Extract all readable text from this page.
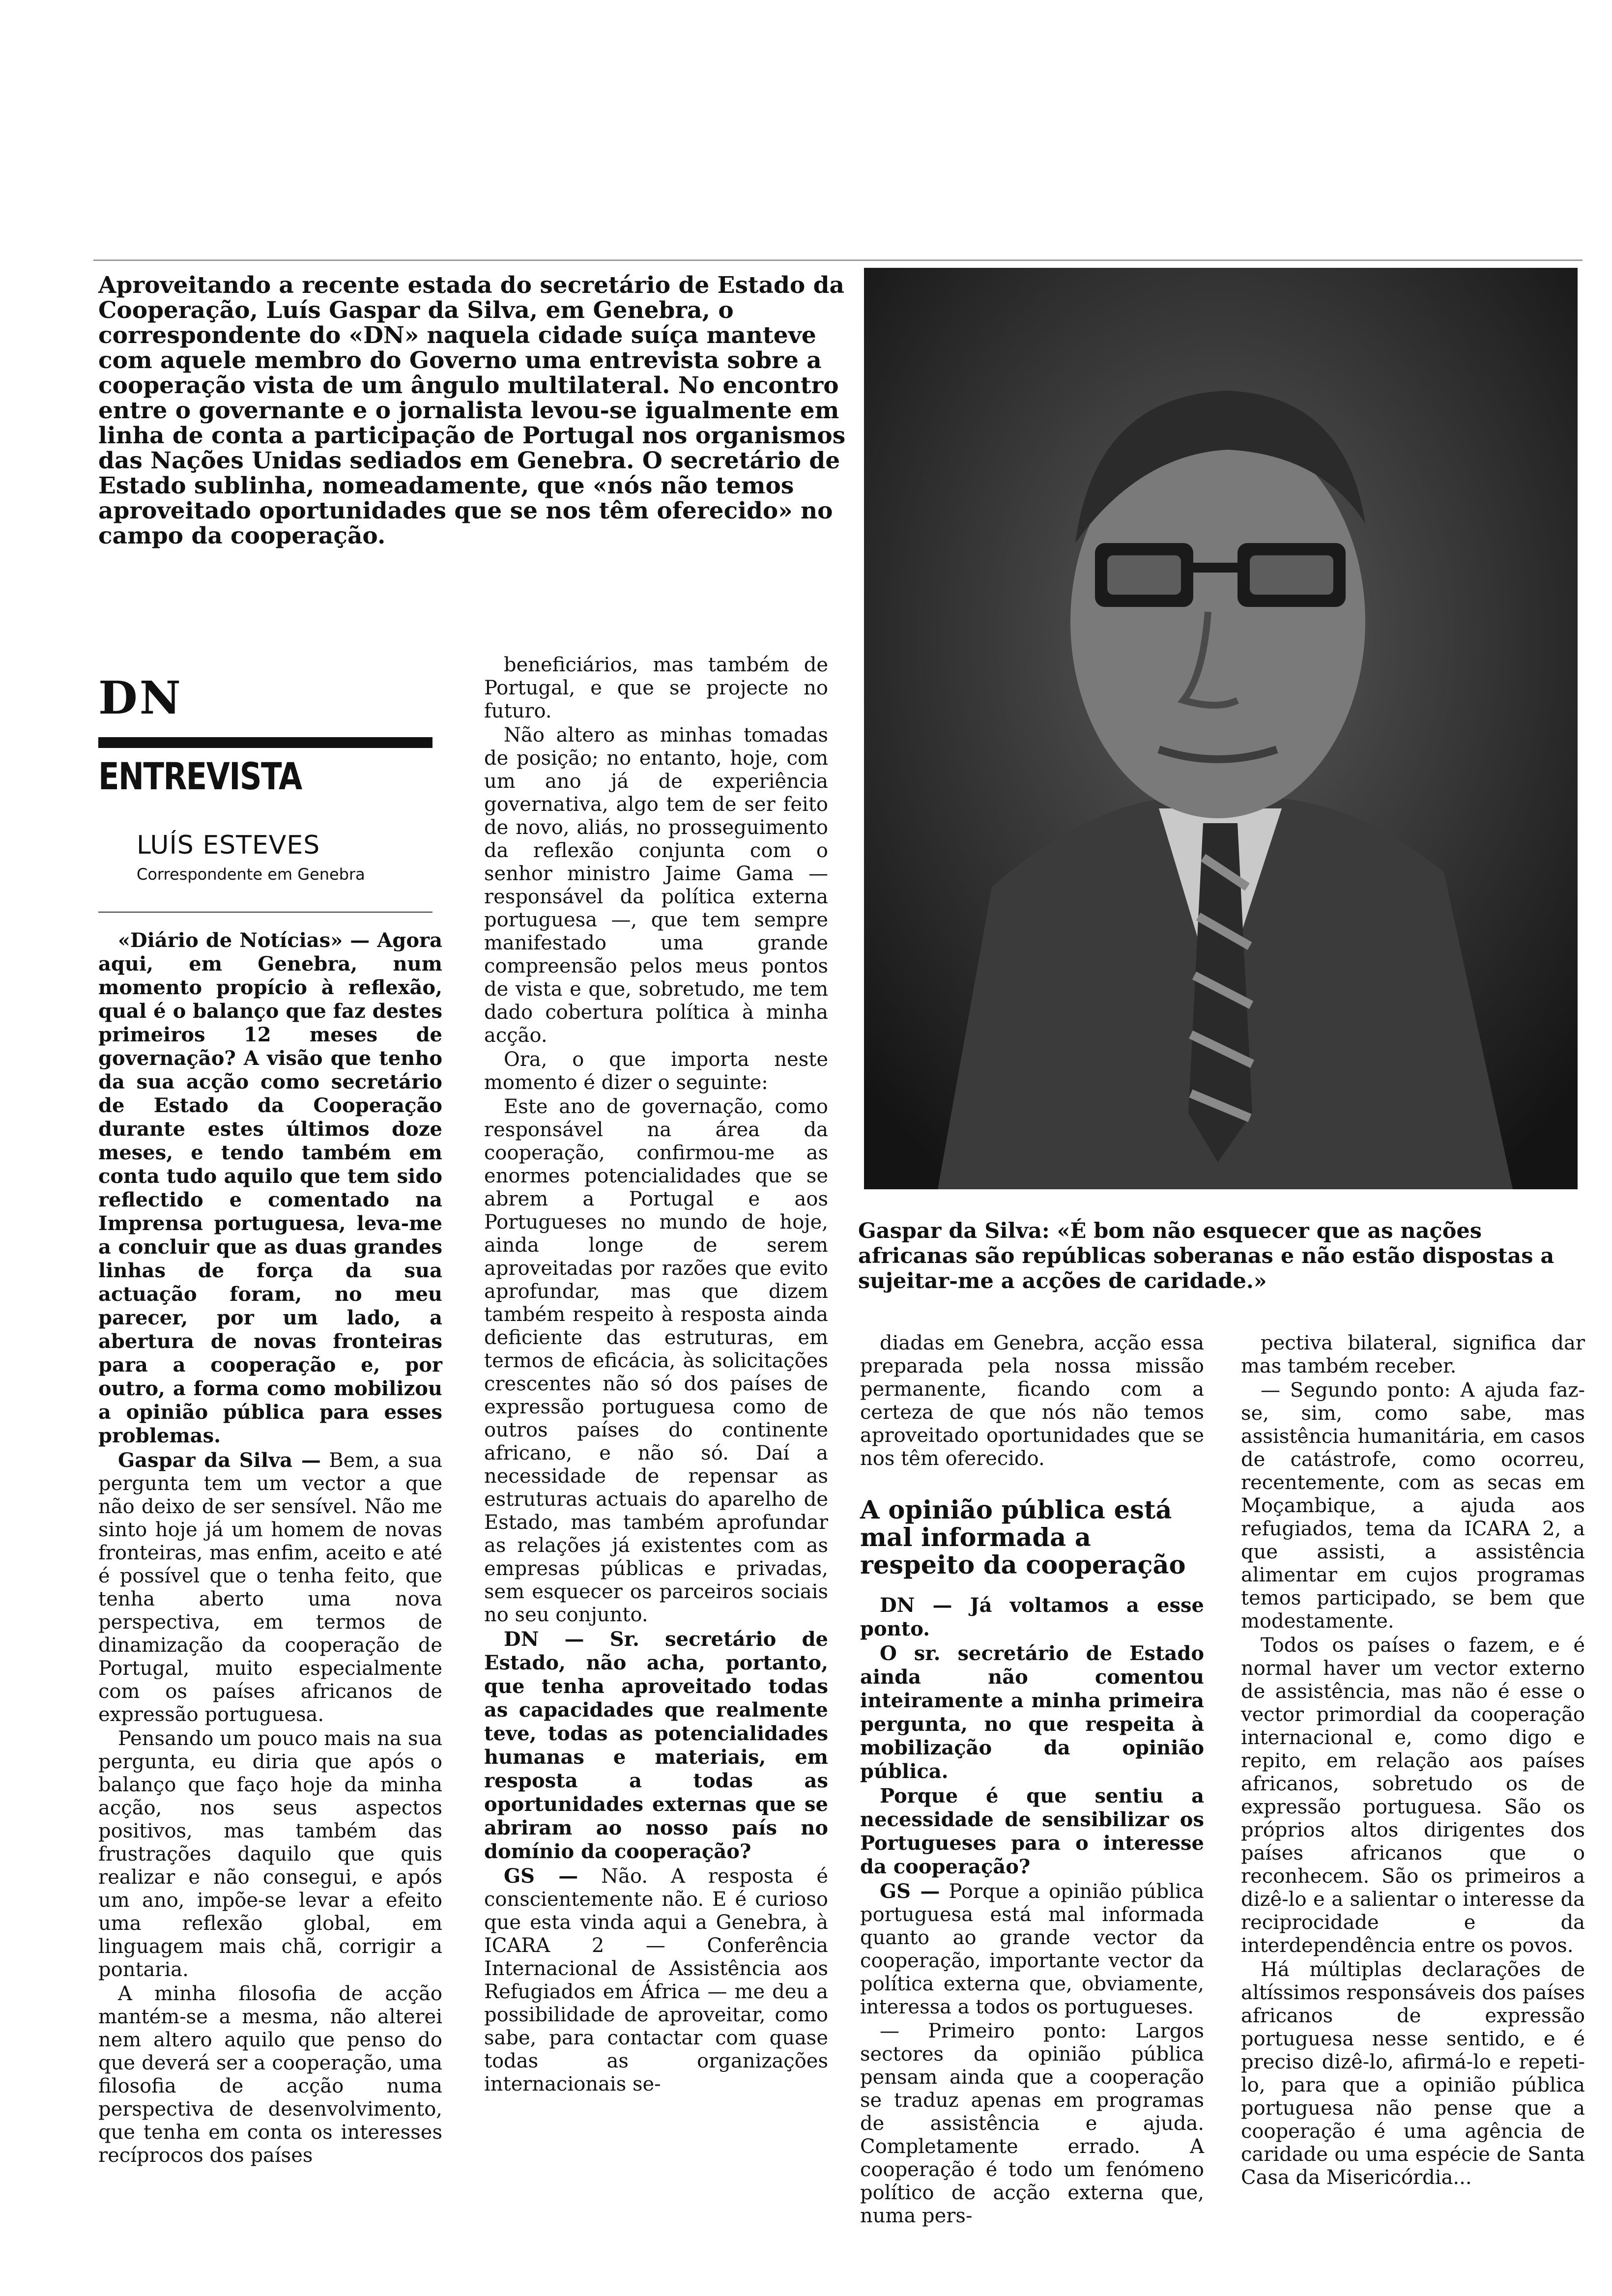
Aproveitando a recente estada do secretário de Estado da Cooperação, Luís Gaspar da Silva, em Genebra, o correspondente do «DN» naquela cidade suíça manteve com aquele membro do Governo uma entrevista sobre a cooperação vista de um ângulo multilateral. No encontro entre o governante e o jornalista levou-se igualmente em linha de conta a participação de Portugal nos organismos das Nações Unidas sediados em Genebra. O secretário de Estado sublinha, nomeadamente, que «nós não temos aproveitado oportunidades que se nos têm oferecido» no campo da cooperação.
DN
ENTREVISTA
LUÍS ESTEVES
Correspondente em Genebra

«Diário de Notícias» — Agora aqui, em Genebra, num momento propício à reflexão, qual é o balanço que faz destes primeiros 12 meses de governação? A visão que tenho da sua acção como secretário de Estado da Cooperação durante estes últimos doze meses, e tendo também em conta tudo aquilo que tem sido reflectido e comentado na Imprensa portuguesa, leva-me a concluir que as duas grandes linhas de força da sua actuação foram, no meu parecer, por um lado, a abertura de novas fronteiras para a cooperação e, por outro, a forma como mobilizou a opinião pública para esses problemas.

Gaspar da Silva — Bem, a sua pergunta tem um vector a que não deixo de ser sensível. Não me sinto hoje já um homem de novas fronteiras, mas enfim, aceito e até é possível que o tenha feito, que tenha aberto uma nova perspectiva, em termos de dinamização da cooperação de Portugal, muito especialmente com os países africanos de expressão portuguesa.

Pensando um pouco mais na sua pergunta, eu diria que após o balanço que faço hoje da minha acção, nos seus aspectos positivos, mas também das frustrações daquilo que quis realizar e não consegui, e após um ano, impõe-se levar a efeito uma reflexão global, em linguagem mais chã, corrigir a pontaria.

A minha filosofia de acção mantém-se a mesma, não alterei nem altero aquilo que penso do que deverá ser a cooperação, uma filosofia de acção numa perspectiva de desenvolvimento, que tenha em conta os interesses recíprocos dos países

beneficiários, mas também de Portugal, e que se projecte no futuro.

Não altero as minhas tomadas de posição; no entanto, hoje, com um ano já de experiência governativa, algo tem de ser feito de novo, aliás, no prosseguimento da reflexão conjunta com o senhor ministro Jaime Gama — responsável da política externa portuguesa —, que tem sempre manifestado uma grande compreensão pelos meus pontos de vista e que, sobretudo, me tem dado cobertura política à minha acção.

Ora, o que importa neste momento é dizer o seguinte:

Este ano de governação, como responsável na área da cooperação, confirmou-me as enormes potencialidades que se abrem a Portugal e aos Portugueses no mundo de hoje, ainda longe de serem aproveitadas por razões que evito aprofundar, mas que dizem também respeito à resposta ainda deficiente das estruturas, em termos de eficácia, às solicitações crescentes não só dos países de expressão portuguesa como de outros países do continente africano, e não só. Daí a necessidade de repensar as estruturas actuais do aparelho de Estado, mas também aprofundar as relações já existentes com as empresas públicas e privadas, sem esquecer os parceiros sociais no seu conjunto.

DN — Sr. secretário de Estado, não acha, portanto, que tenha aproveitado todas as capacidades que realmente teve, todas as potencialidades humanas e materiais, em resposta a todas as oportunidades externas que se abriram ao nosso país no domínio da cooperação?

GS — Não. A resposta é conscientemente não. E é curioso que esta vinda aqui a Genebra, à ICARA 2 — Conferência Internacional de Assistência aos Refugiados em África — me deu a possibilidade de aproveitar, como sabe, para contactar com quase todas as organizações internacionais se-

Gaspar da Silva: «É bom não esquecer que as nações africanas são repúblicas soberanas e não estão dispostas a sujeitar-me a acções de caridade.»

diadas em Genebra, acção essa preparada pela nossa missão permanente, ficando com a certeza de que nós não temos aproveitado oportunidades que se nos têm oferecido.

A opinião pública está mal informada a respeito da cooperação

DN — Já voltamos a esse ponto.

O sr. secretário de Estado ainda não comentou inteiramente a minha primeira pergunta, no que respeita à mobilização da opinião pública.

Porque é que sentiu a necessidade de sensibilizar os Portugueses para o interesse da cooperação?

GS — Porque a opinião pública portuguesa está mal informada quanto ao grande vector da cooperação, importante vector da política externa que, obviamente, interessa a todos os portugueses.

— Primeiro ponto: Largos sectores da opinião pública pensam ainda que a cooperação se traduz apenas em programas de assistência e ajuda. Completamente errado. A cooperação é todo um fenómeno político de acção externa que, numa pers-

pectiva bilateral, significa dar mas também receber.

— Segundo ponto: A ajuda faz-se, sim, como sabe, mas assistência humanitária, em casos de catástrofe, como ocorreu, recentemente, com as secas em Moçambique, a ajuda aos refugiados, tema da ICARA 2, a que assisti, a assistência alimentar em cujos programas temos participado, se bem que modestamente.

Todos os países o fazem, e é normal haver um vector externo de assistência, mas não é esse o vector primordial da cooperação internacional e, como digo e repito, em relação aos países africanos, sobretudo os de expressão portuguesa. São os próprios altos dirigentes dos países africanos que o reconhecem. São os primeiros a dizê-lo e a salientar o interesse da reciprocidade e da interdependência entre os povos.

Há múltiplas declarações de altíssimos responsáveis dos países africanos de expressão portuguesa nesse sentido, e é preciso dizê-lo, afirmá-lo e repeti-lo, para que a opinião pública portuguesa não pense que a cooperação é uma agência de caridade ou uma espécie de Santa Casa da Misericórdia...
